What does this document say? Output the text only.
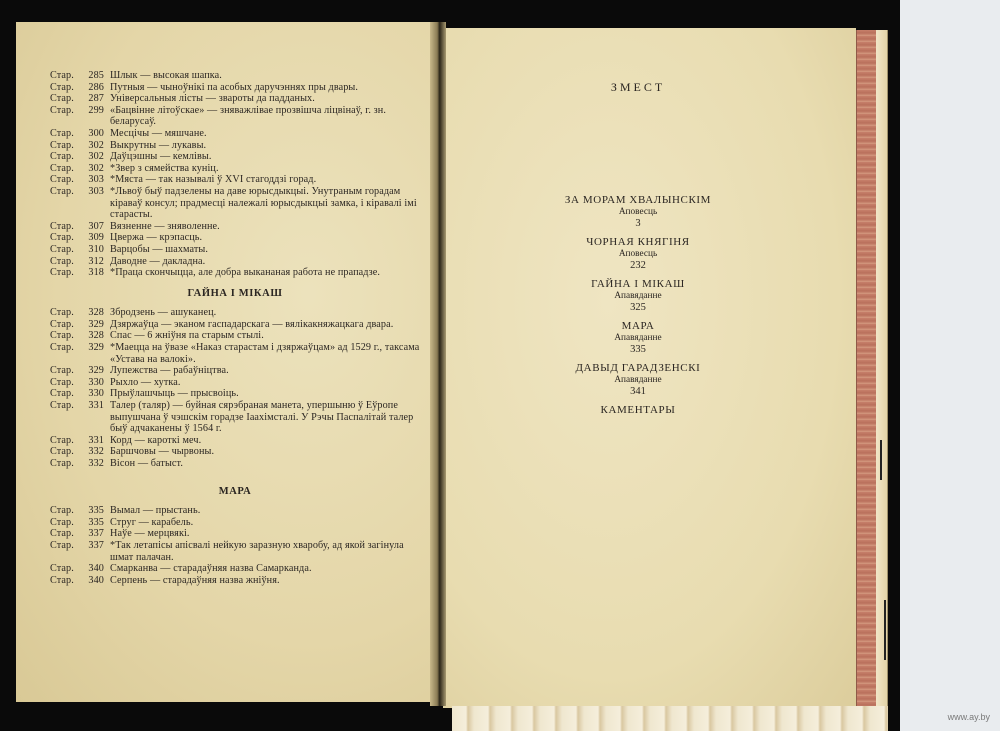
Стар.	285 Шлык — высокая шапка.
Стар.	286 Путныя — чыноўнікі па асобых даручэннях пры двары.
Стар.	287 Універсальныя лісты — звароты да падданых.
Стар.	299 «Бацвінне літоўскае» — зняважлівае прозвішча ліцвінаў, г. зн. беларусаў.
Стар.	300 Месцічы — мяшчане.
Стар.	302 Выкрутны — лукавы.
Стар.	302 Даўцэшны — кемлівы.
Стар.	302 *Звер з сямейства куніц.
Стар.	303 *Мяста — так называлі ў XVI стагоддзі горад.
Стар.	303 *Львоў быў падзелены на даве юрысдыкцыі. Унутраным горадам кіраваў консул; прадмесці належалі юрысдыкцыі замка, і кіравалі імі старасты.
Стар.	307 Вязненне — зняволенне.
Стар.	309 Цвержа — крэпасць.
Стар.	310 Варцобы — шахматы.
Стар.	312 Даводне — дакладна.
Стар.	318 *Праца скончыцца, але добра выкананая работа не прападзе.
ГАЙНА І МІКАШ
Стар.	328 Збродзень — ашуканец.
Стар.	329 Дзяржаўца — эканом гаспадарскага — вялікакняжацкага двара.
Стар.	328 Спас — 6 жніўня па старым стылі.
Стар.	329 *Маецца на ўвазе «Наказ старастам і дзяржаўцам» ад 1529 г., таксама «Устава на валокі».
Стар.	329 Лупежства — рабаўніцтва.
Стар.	330 Рыхло — хутка.
Стар.	330 Прыўлашчыць — прысвоіць.
Стар.	331 Талер (таляр) — буйная сярэбраная манета, упершыню ў Еўропе выпушчана ў чэшскім горадзе Іаахімсталі. У Рэчы Паспалітай талер быў адчаканены ў 1564 г.
Стар.	331 Корд — кароткі меч.
Стар.	332 Баршчовы — чырвоны.
Стар.	332 Вісон — батыст.
МАРА
Стар.	335 Вымал — прыстань.
Стар.	335 Струг — карабель.
Стар.	337 Наўе — мерцвякі.
Стар.	337 *Так летапісы апісвалі нейкую заразную хваробу, ад якой загінула шмат палачан.
Стар.	340 Смарканва — старадаўняя назва Самарканда.
Стар.	340 Серпень — старадаўняя назва жніўня.
ЗМЕСТ
ЗА МОРАМ ХВАЛЫНСКІМ
Аповесць
3
ЧОРНАЯ КНЯГІНЯ
Аповесць
232
ГАЙНА І МІКАШ
Апавяданне
325
МАРА
Апавяданне
335
ДАВЫД ГАРАДЗЕНСКІ
Апавяданне
341
КАМЕНТАРЫ
www.ay.by
